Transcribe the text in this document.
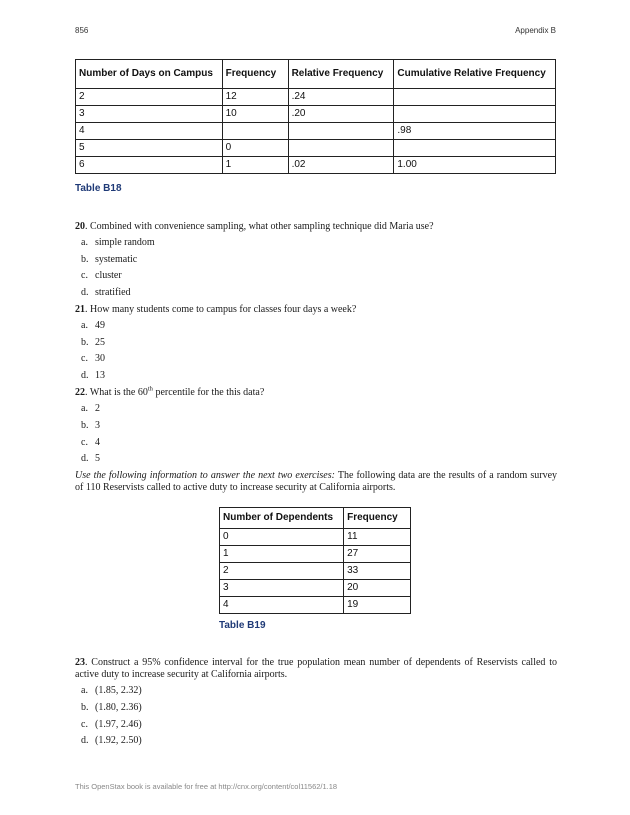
856	Appendix B
Number of Days on Campus	Frequency	Relative Frequency	Cumulative Relative Frequency
2	12	.24	
3	10	.20	
4			.98
5	0		
6	1	.02	1.00
Table B18
20. Combined with convenience sampling, what other sampling technique did Maria use?
a. simple random
b. systematic
c. cluster
d. stratified
21. How many students come to campus for classes four days a week?
a. 49
b. 25
c. 30
d. 13
22. What is the 60th percentile for the this data?
a. 2
b. 3
c. 4
d. 5
Use the following information to answer the next two exercises: The following data are the results of a random survey of 110 Reservists called to active duty to increase security at California airports.
Number of Dependents	Frequency
0	11
1	27
2	33
3	20
4	19
Table B19
23. Construct a 95% confidence interval for the true population mean number of dependents of Reservists called to active duty to increase security at California airports.
a. (1.85, 2.32)
b. (1.80, 2.36)
c. (1.97, 2.46)
d. (1.92, 2.50)
This OpenStax book is available for free at http://cnx.org/content/col11562/1.18
